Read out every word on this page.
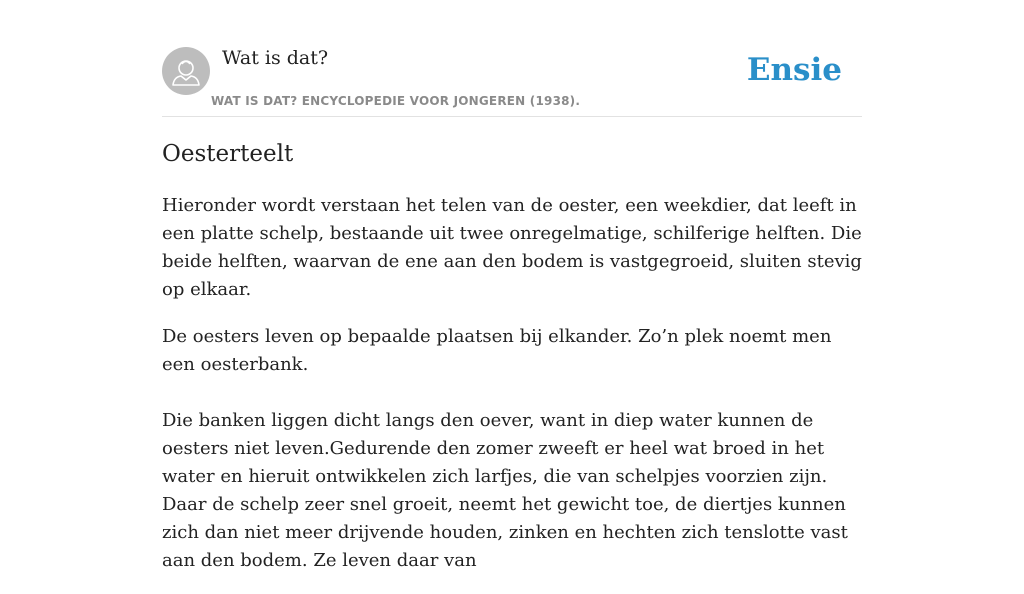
Wat is dat?
WAT IS DAT? ENCYCLOPEDIE VOOR JONGEREN (1938).
Ensie
Oesterteelt

Hieronder wordt verstaan het telen van de oester, een weekdier, dat leeft in een platte schelp, bestaande uit twee onregelmatige, schilferige helften. Die beide helften, waarvan de ene aan den bodem is vastgegroeid, sluiten stevig op elkaar.

De oesters leven op bepaalde plaatsen bij elkander. Zo’n plek noemt men een oesterbank.

Die banken liggen dicht langs den oever, want in diep water kunnen de oesters niet leven.Gedurende den zomer zweeft er heel wat broed in het water en hieruit ontwikkelen zich larfjes, die van schelpjes voorzien zijn. Daar de schelp zeer snel groeit, neemt het gewicht toe, de diertjes kunnen zich dan niet meer drijvende houden, zinken en hechten zich tenslotte vast aan den bodem. Ze leven daar van
